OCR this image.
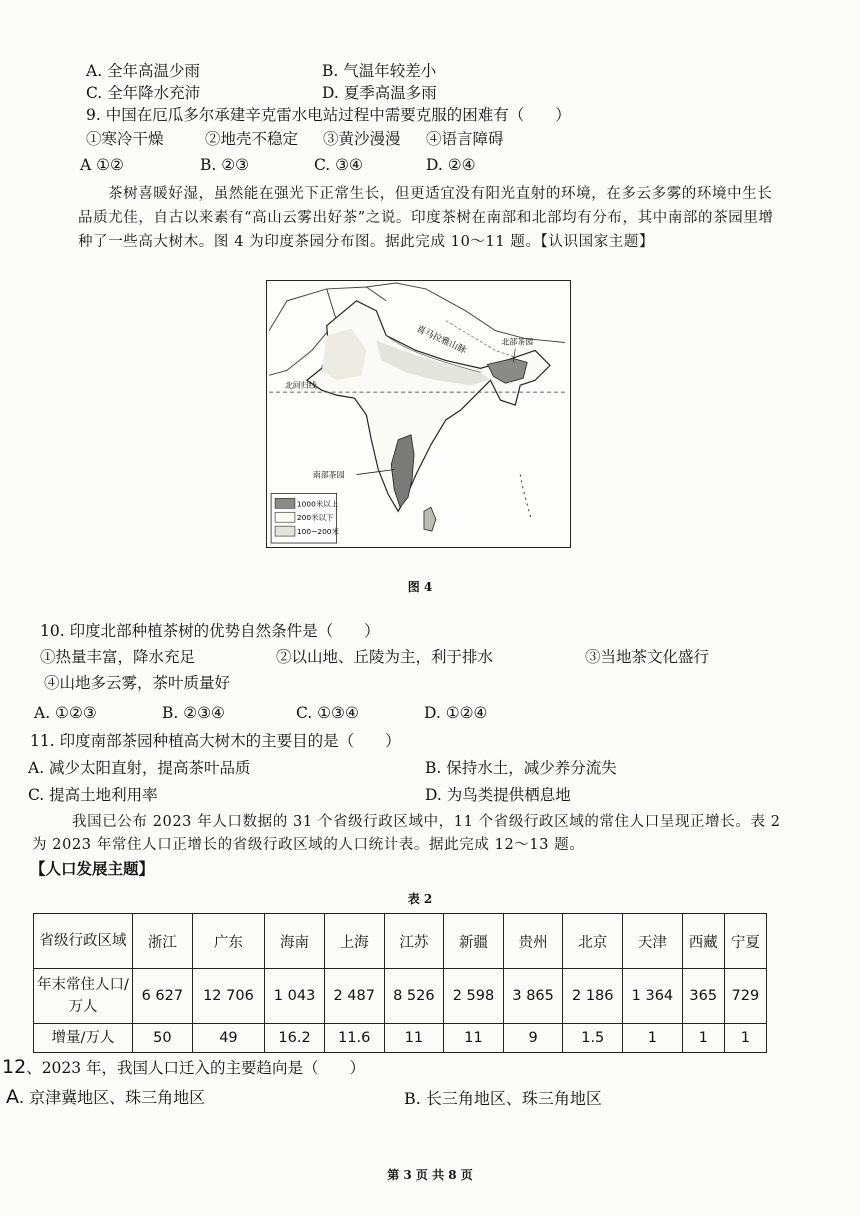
A. 全年高温少雨	B. 气温年较差小
C. 全年降水充沛	D. 夏季高温多雨
9. 中国在厄瓜多尔承建辛克雷水电站过程中需要克服的困难有（　　）
①寒冷干燥	②地壳不稳定 ③黄沙漫漫 ④语言障碍
A ①②	B. ②③	C. ③④	D. ②④
茶树喜暖好湿，虽然能在强光下正常生长，但更适宜没有阳光直射的环境，在多云多雾的环境中生长品质尤佳，自古以来素有“高山云雾出好茶”之说。印度茶树在南部和北部均有分布，其中南部的茶园里增种了一些高大树木。图 4 为印度茶园分布图。据此完成 10～11 题。【认识国家主题】
1000米以上
200米以下
100~200米
喜马拉雅山脉	北部茶园
南部茶园
北回归线
图 4
10. 印度北部种植茶树的优势自然条件是（　　）
①热量丰富，降水充足	②以山地、丘陵为主，利于排水	③当地茶文化盛行
④山地多云雾，茶叶质量好
A. ①②③	B. ②③④	C. ①③④	D. ①②④
11. 印度南部茶园种植高大树木的主要目的是（　　）
A. 减少太阳直射，提高茶叶品质	B. 保持水土，减少养分流失
C. 提高土地利用率	D. 为鸟类提供栖息地
我国已公布 2023 年人口数据的 31 个省级行政区域中，11 个省级行政区域的常住人口呈现正增长。表 2 为 2023 年常住人口正增长的省级行政区域的人口统计表。据此完成 12～13 题。
【人口发展主题】
表 2
省级行政区域	浙江	广东	海南	上海	江苏	新疆	贵州	北京	天津	西藏	宁夏
年末常住人口/万人	6 627	12 706	1 043	2 487	8 526	2 598	3 865	2 186	1 364	365	729
增量/万人	50	49	16.2	11.6	11	11	9	1.5	1	1	1
12、2023 年，我国人口迁入的主要趋向是（　　）
A. 京津冀地区、珠三角地区	B. 长三角地区、珠三角地区
第 3 页 共 8 页
